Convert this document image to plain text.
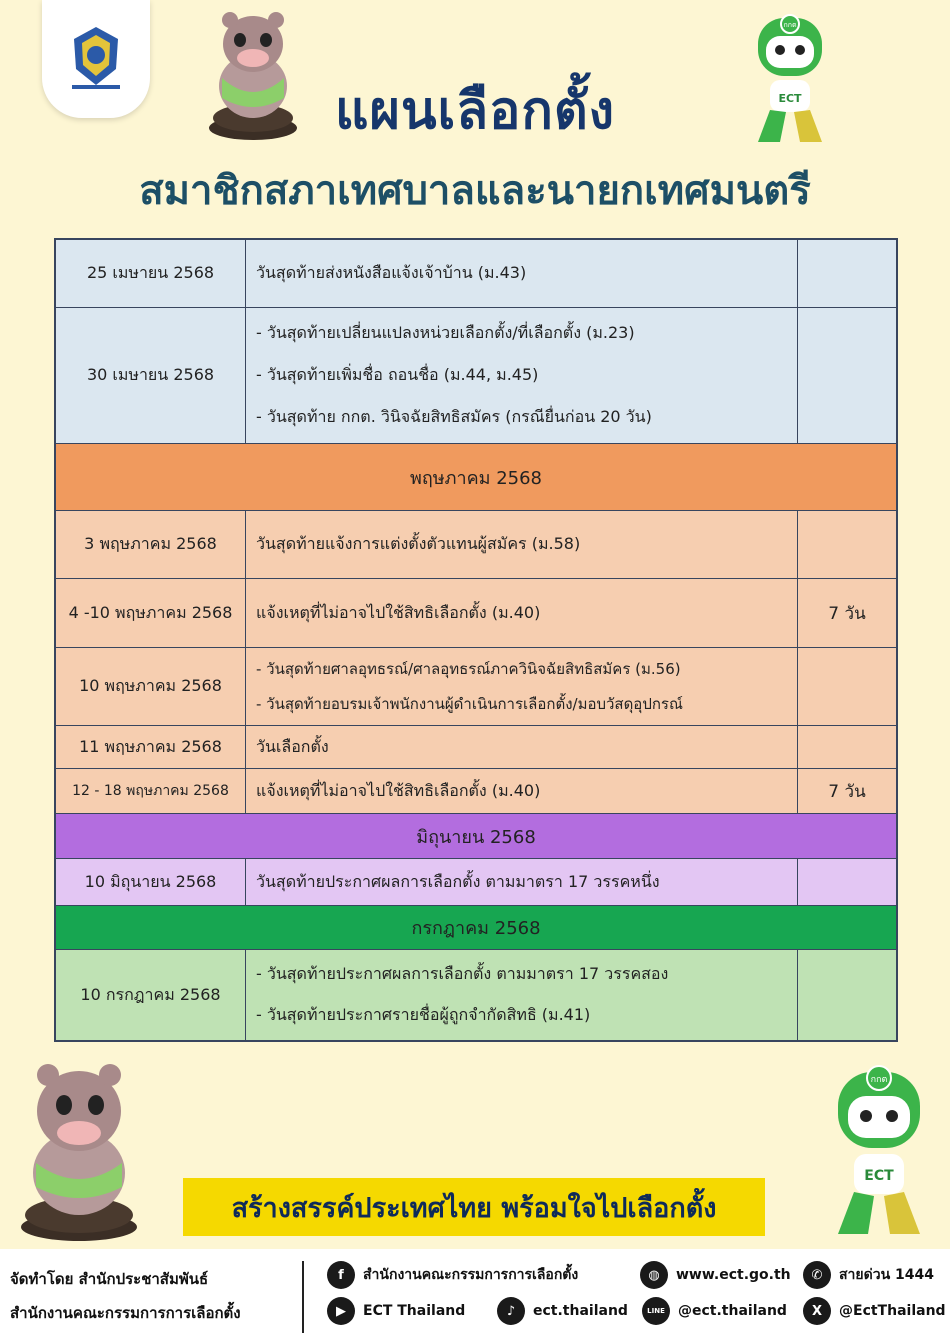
กกต
ECT
แผนเลือกตั้ง
สมาชิกสภาเทศบาลและนายกเทศมนตรี
25 เมษายน 2568	วันสุดท้ายส่งหนังสือแจ้งเจ้าบ้าน (ม.43)
30 เมษายน 2568
- วันสุดท้ายเปลี่ยนแปลงหน่วยเลือกตั้ง/ที่เลือกตั้ง (ม.23)
- วันสุดท้ายเพิ่มชื่อ ถอนชื่อ (ม.44, ม.45)
- วันสุดท้าย กกต. วินิจฉัยสิทธิสมัคร (กรณียื่นก่อน 20 วัน)
พฤษภาคม 2568
3 พฤษภาคม 2568	วันสุดท้ายแจ้งการแต่งตั้งตัวแทนผู้สมัคร (ม.58)
4 -10 พฤษภาคม 2568	แจ้งเหตุที่ไม่อาจไปใช้สิทธิเลือกตั้ง (ม.40)	7 วัน
10 พฤษภาคม 2568
- วันสุดท้ายศาลอุทธรณ์/ศาลอุทธรณ์ภาควินิจฉัยสิทธิสมัคร (ม.56)
- วันสุดท้ายอบรมเจ้าพนักงานผู้ดำเนินการเลือกตั้ง/มอบวัสดุอุปกรณ์
11 พฤษภาคม 2568	วันเลือกตั้ง
12 - 18 พฤษภาคม 2568	แจ้งเหตุที่ไม่อาจไปใช้สิทธิเลือกตั้ง (ม.40)	7 วัน
มิถุนายน 2568
10 มิถุนายน 2568	วันสุดท้ายประกาศผลการเลือกตั้ง ตามมาตรา 17 วรรคหนึ่ง
กรกฎาคม 2568
10 กรกฎาคม 2568
- วันสุดท้ายประกาศผลการเลือกตั้ง ตามมาตรา 17 วรรคสอง
- วันสุดท้ายประกาศรายชื่อผู้ถูกจำกัดสิทธิ (ม.41)
กกต
ECT
สร้างสรรค์ประเทศไทย พร้อมใจไปเลือกตั้ง
จัดทำโดย สำนักประชาสัมพันธ์
สำนักงานคณะกรรมการการเลือกตั้ง
f	สำนักงานคณะกรรมการการเลือกตั้ง	◍	www.ect.go.th	✆	สายด่วน 1444
▶	ECT Thailand	♪	ect.thailand	LINE @ect.thailand	X	@EctThailand
